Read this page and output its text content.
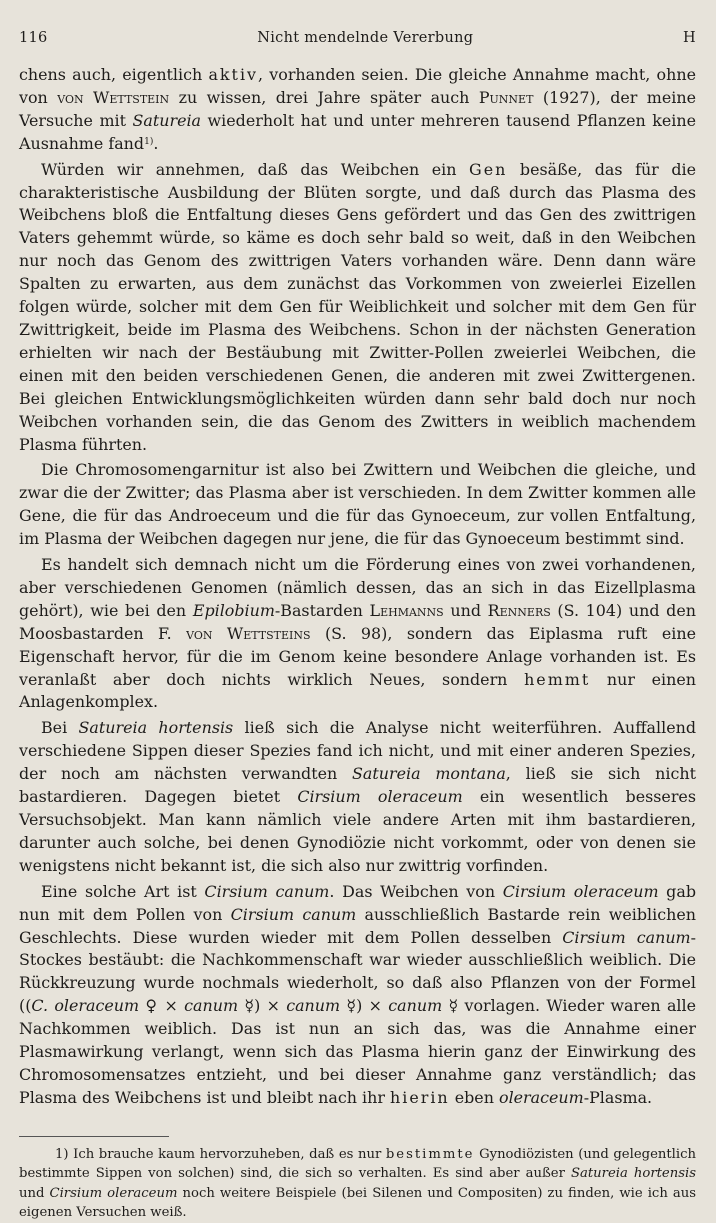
116	Nicht mendelnde Vererbung	H

chens auch, eigentlich aktiv, vorhanden seien. Die gleiche Annahme macht, ohne von von Wettstein zu wissen, drei Jahre später auch Punnet (1927), der meine Versuche mit Satureia wiederholt hat und unter mehreren tausend Pflanzen keine Ausnahme fand$^{1)}$.

Würden wir annehmen, daß das Weibchen ein Gen besäße, das für die charakteristische Ausbildung der Blüten sorgte, und daß durch das Plasma des Weibchens bloß die Entfaltung dieses Gens gefördert und das Gen des zwittrigen Vaters gehemmt würde, so käme es doch sehr bald so weit, daß in den Weibchen nur noch das Genom des zwittrigen Vaters vorhanden wäre. Denn dann wäre Spalten zu erwarten, aus dem zunächst das Vorkommen von zweierlei Eizellen folgen würde, solcher mit dem Gen für Weiblichkeit und solcher mit dem Gen für Zwittrigkeit, beide im Plasma des Weibchens. Schon in der nächsten Generation erhielten wir nach der Bestäubung mit Zwitter-Pollen zweierlei Weibchen, die einen mit den beiden verschiedenen Genen, die anderen mit zwei Zwittergenen. Bei gleichen Entwicklungsmöglichkeiten würden dann sehr bald doch nur noch Weibchen vorhanden sein, die das Genom des Zwitters in weiblich machendem Plasma führten.

Die Chromosomengarnitur ist also bei Zwittern und Weibchen die gleiche, und zwar die der Zwitter; das Plasma aber ist verschieden. In dem Zwitter kommen alle Gene, die für das Androeceum und die für das Gynoeceum, zur vollen Entfaltung, im Plasma der Weibchen dagegen nur jene, die für das Gynoeceum bestimmt sind.

Es handelt sich demnach nicht um die Förderung eines von zwei vorhandenen, aber verschiedenen Genomen (nämlich dessen, das an sich in das Eizellplasma gehört), wie bei den Epilobium-Bastarden Lehmanns und Renners (S. 104) und den Moosbastarden F. von Wettsteins (S. 98), sondern das Eiplasma ruft eine Eigenschaft hervor, für die im Genom keine besondere Anlage vorhanden ist. Es veranlaßt aber doch nichts wirklich Neues, sondern hemmt nur einen Anlagenkomplex.

Bei Satureia hortensis ließ sich die Analyse nicht weiterführen. Auffallend verschiedene Sippen dieser Spezies fand ich nicht, und mit einer anderen Spezies, der noch am nächsten verwandten Satureia montana, ließ sie sich nicht bastardieren. Dagegen bietet Cirsium oleraceum ein wesentlich besseres Versuchsobjekt. Man kann nämlich viele andere Arten mit ihm bastardieren, darunter auch solche, bei denen Gynodiözie nicht vorkommt, oder von denen sie wenigstens nicht bekannt ist, die sich also nur zwittrig vorfinden.

Eine solche Art ist Cirsium canum. Das Weibchen von Cirsium oleraceum gab nun mit dem Pollen von Cirsium canum ausschließlich Bastarde rein weiblichen Geschlechts. Diese wurden wieder mit dem Pollen desselben Cirsium canum-Stockes bestäubt: die Nachkommenschaft war wieder ausschließlich weiblich. Die Rückkreuzung wurde nochmals wiederholt, so daß also Pflanzen von der Formel ((C. oleraceum ♀ × canum ☿) × canum ☿) × canum ☿ vorlagen. Wieder waren alle Nachkommen weiblich. Das ist nun an sich das, was die Annahme einer Plasmawirkung verlangt, wenn sich das Plasma hierin ganz der Einwirkung des Chromosomensatzes entzieht, und bei dieser Annahme ganz verständlich; das Plasma des Weibchens ist und bleibt nach ihr hierin eben oleraceum-Plasma.

1) Ich brauche kaum hervorzuheben, daß es nur bestimmte Gynodiözisten (und gelegentlich bestimmte Sippen von solchen) sind, die sich so verhalten. Es sind aber außer Satureia hortensis und Cirsium oleraceum noch weitere Beispiele (bei Silenen und Compositen) zu finden, wie ich aus eigenen Versuchen weiß.
